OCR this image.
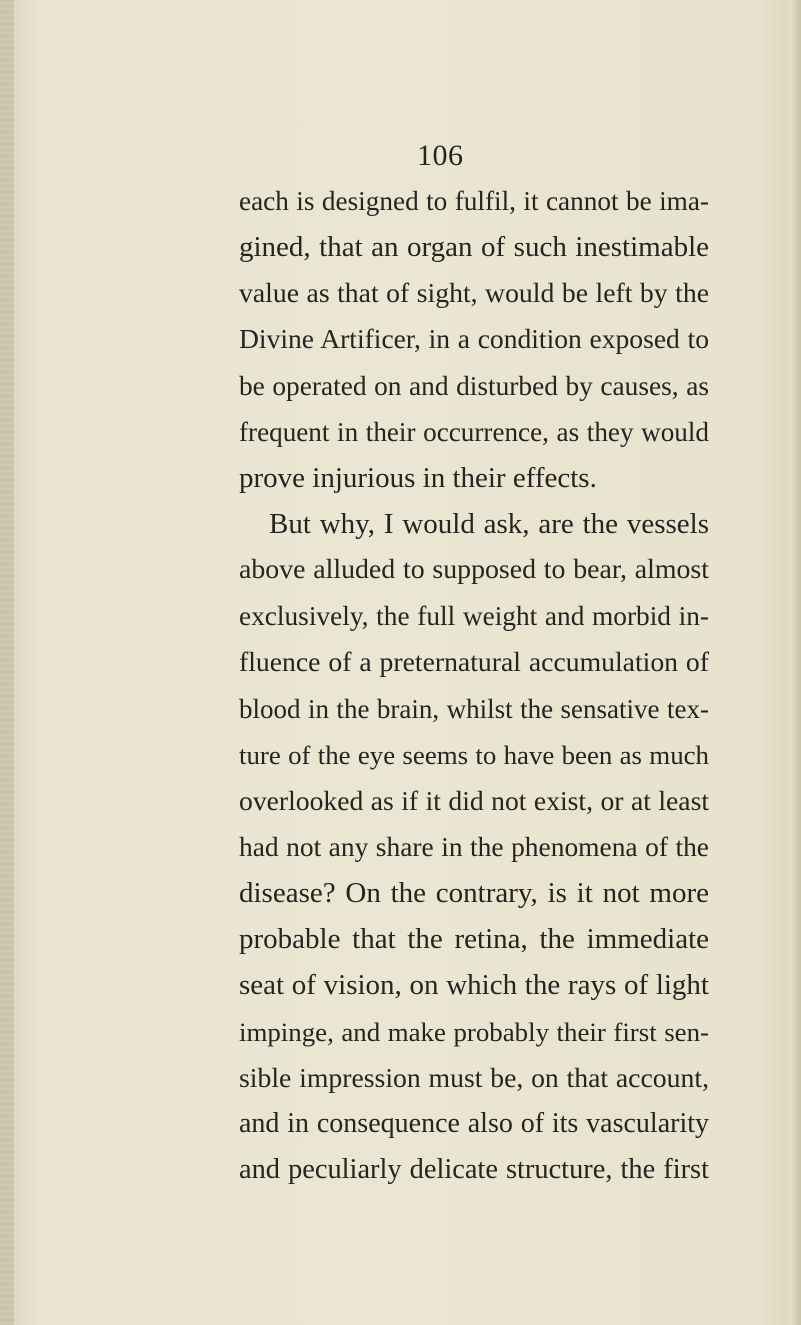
106
each is designed to fulfil, it cannot be ima-
gined, that an organ of such inestimable
value as that of sight, would be left by the
Divine Artificer, in a condition exposed to
be operated on and disturbed by causes, as
frequent in their occurrence, as they would
prove injurious in their effects.
But why, I would ask, are the vessels
above alluded to supposed to bear, almost
exclusively, the full weight and morbid in-
fluence of a preternatural accumulation of
blood in the brain, whilst the sensative tex-
ture of the eye seems to have been as much
overlooked as if it did not exist, or at least
had not any share in the phenomena of the
disease? On the contrary, is it not more
probable that the retina, the immediate
seat of vision, on which the rays of light
impinge, and make probably their first sen-
sible impression must be, on that account,
and in consequence also of its vascularity
and peculiarly delicate structure, the first
